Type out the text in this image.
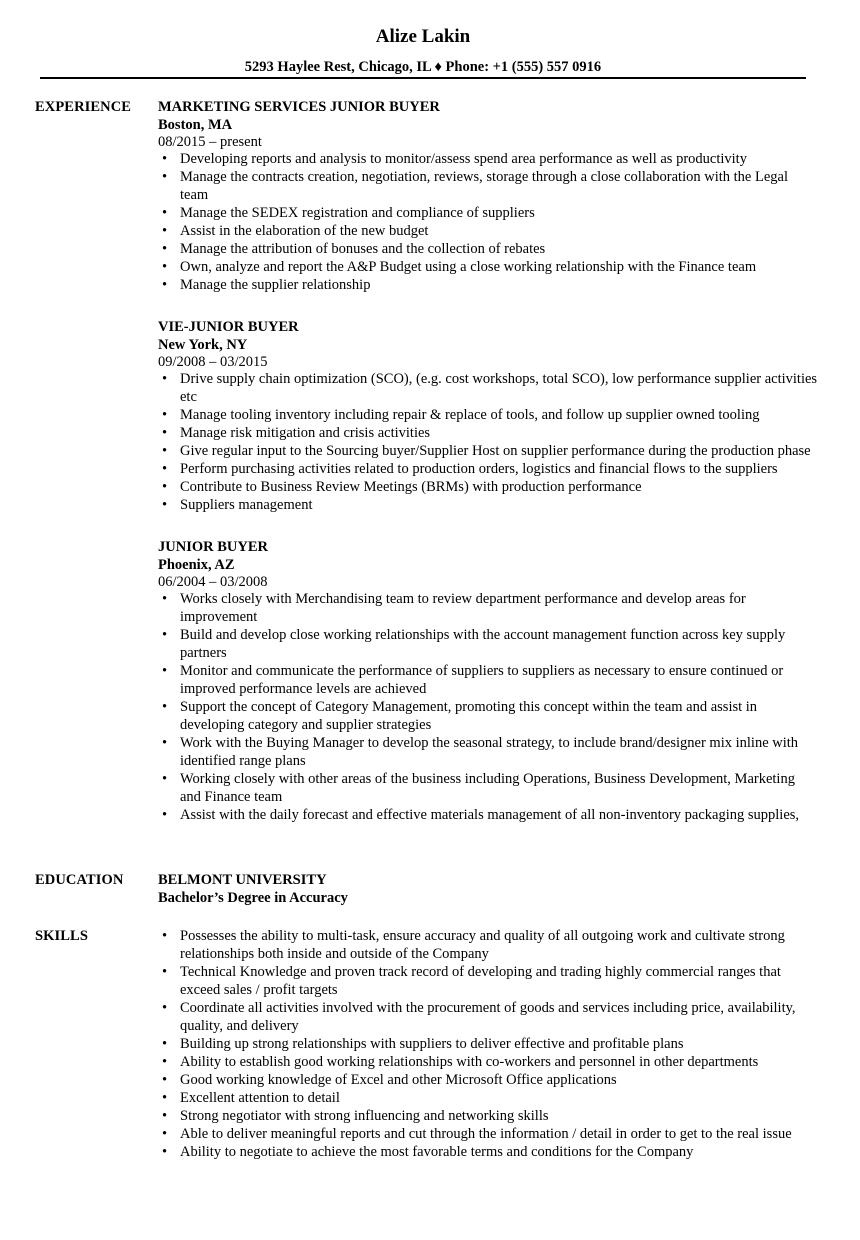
Alize Lakin
5293 Haylee Rest, Chicago, IL ♦ Phone: +1 (555) 557 0916
EXPERIENCE	MARKETING SERVICES JUNIOR BUYER
Boston, MA
08/2015 – present
• Developing reports and analysis to monitor/assess spend area performance as well as productivity
• Manage the contracts creation, negotiation, reviews, storage through a close collaboration with the Legal team
• Manage the SEDEX registration and compliance of suppliers
• Assist in the elaboration of the new budget
• Manage the attribution of bonuses and the collection of rebates
• Own, analyze and report the A&P Budget using a close working relationship with the Finance team
• Manage the supplier relationship
VIE-JUNIOR BUYER
New York, NY
09/2008 – 03/2015
• Drive supply chain optimization (SCO), (e.g. cost workshops, total SCO), low performance supplier activities etc
• Manage tooling inventory including repair & replace of tools, and follow up supplier owned tooling
• Manage risk mitigation and crisis activities
• Give regular input to the Sourcing buyer/Supplier Host on supplier performance during the production phase
• Perform purchasing activities related to production orders, logistics and financial flows to the suppliers
• Contribute to Business Review Meetings (BRMs) with production performance
• Suppliers management
JUNIOR BUYER
Phoenix, AZ
06/2004 – 03/2008
• Works closely with Merchandising team to review department performance and develop areas for improvement
• Build and develop close working relationships with the account management function across key supply partners
• Monitor and communicate the performance of suppliers to suppliers as necessary to ensure continued or improved performance levels are achieved
• Support the concept of Category Management, promoting this concept within the team and assist in developing category and supplier strategies
• Work with the Buying Manager to develop the seasonal strategy, to include brand/designer mix inline with identified range plans
• Working closely with other areas of the business including Operations, Business Development, Marketing and Finance team
• Assist with the daily forecast and effective materials management of all non-inventory packaging supplies,
EDUCATION	BELMONT UNIVERSITY
Bachelor’s Degree in Accuracy
SKILLS
•	Possesses the ability to multi-task, ensure accuracy and quality of all outgoing work and cultivate strong relationships both inside and outside of the Company
• Technical Knowledge and proven track record of developing and trading highly commercial ranges that exceed sales / profit targets
• Coordinate all activities involved with the procurement of goods and services including price, availability, quality, and delivery
• Building up strong relationships with suppliers to deliver effective and profitable plans
• Ability to establish good working relationships with co-workers and personnel in other departments
• Good working knowledge of Excel and other Microsoft Office applications
• Excellent attention to detail
• Strong negotiator with strong influencing and networking skills
• Able to deliver meaningful reports and cut through the information / detail in order to get to the real issue
• Ability to negotiate to achieve the most favorable terms and conditions for the Company
